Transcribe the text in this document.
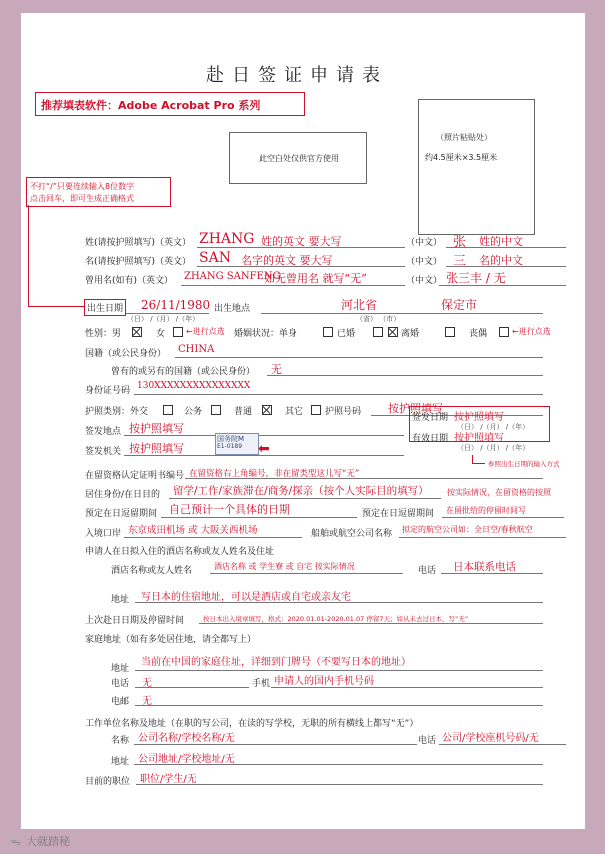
赴日签证申请表
推荐填表软件：Adobe Acrobat Pro 系列
此空白处仅供官方使用
（照片粘贴处）
约4.5厘米×3.5厘米
不打“/”只要连续输入8位数字
点击回车，即可生成正确格式
姓(请按护照填写)（英文） ZHANG 姓的英文 要大写	（中文） 张 姓的中文
名(请按护照填写)（英文） SAN 名字的英文 要大写	（中文） 三 名的中文
曾用名(如有)（英文） ZHANG SANFENG
如无曾用名 就写“无”	（中文） 张三丰 / 无
出生日期 26/11/1980
（日） /（月） /（年）
出生地点	河北省	保定市
（省） （市）
性别：男	女	←进行点选 婚姻状况：单身	已婚	离婚	丧偶	←进行点选
国籍（或公民身份） CHINA
曾有的或另有的国籍（或公民身份） 无
身份证号码 130XXXXXXXXXXXXXXX
护照类别：外交	公务	普通	其它 护照号码 按护照填写
签发地点 按护照填写
签发日期 按护照填写
（日） /（月） /（年）
签发机关 按护照填写
国务院M
E1-0189 ⬅
有效日期 按护照填写
（日） /（月） /（年）
参照出生日期的输入方式
在留资格认定证明书编号 在留资格右上角编号，非在留类型这儿写“无”
居住身份/在日目的 留学/工作/家族滞在/商务/探亲（按个人实际目的填写） 按实际情况，在留资格的按照
预定在日逗留期间 自己预计一个具体的日期	预定在日逗留期间 在留批给的停留时间写
入境口岸 东京成田机场 或 大阪关西机场	船舶或航空公司名称 拟定的航空公司如：全日空/春秋航空
申请人在日拟入住的酒店名称或友人姓名及住址
酒店名称或友人姓名	酒店名称 或 学生寮 或 自宅 按实际情况	电话 日本联系电话
地址 写日本的住宿地址，可以是酒店或自宅或亲友宅
上次赴日日期及停留时间	按日本出入境章填写，格式：2020.01.01-2020.01.07 停留7天；如从未去过日本，写“无”
家庭地址（如有多处居住地，请全都写上）
地址
当前在中国的家庭住址，详细到门牌号（不要写日本的地址）
电话 无	手机 申请人的国内手机号码
电邮 无
工作单位名称及地址（在职的写公司，在读的写学校，无职的所有横线上都写“无”）
名称 公司名称/学校名称/无	电话 公司/学校座机号码/无
地址 公司地址/学校地址/无
目前的职位 职位/学生/无
ᯓ 大就踏秘
